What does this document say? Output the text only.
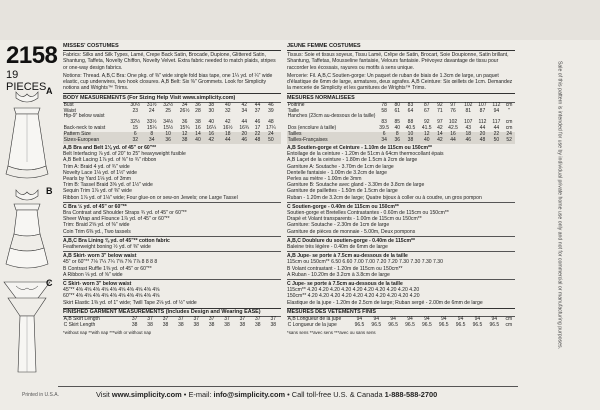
2158
19 PIECES A
B
C
MISSES' COSTUMES
Fabrics: Silks and Silk Types, Lamé, Crepe Back Satin, Brocade, Dupione, Glittered Satin, Shantung, Taffeta, Novelty Chiffon, Novelty Velvet. Extra fabric needed to match plaids, stripes or one-way design fabrics.
Notions: Thread. A,B,C Bra: One pkg. of ⅜" wide single fold bias tape, one 1¼ yd. of ¼" wide elastic, cup underwires, two hook closures. A,B Belt: Six ⅜" Grommets. Look for Simplicity notions and Wrights™ Trims.
BODY MEASUREMENTS (For Sizing Help Visit www.simplicity.com)
Bust	30½	31½	32½	34	36	38	40	42	44	46	
Waist	23	24	25	26½	28	30	32	34	37	39	
Hip-9" below waist											
	32½	33½	34½	36	38	40	42	44	46	48	
Back-neck to waist	15	15¼	15½	15¾	16	16¼	16½	16¾	17	17¼	
Pattern Size	6	8	10	12	14	16	18	20	22	24	
Sizes-European	32	34	36	38	40	42	44	46	48	50	
A,B Bra and Belt 1⅛ yd. of 45" or 60"**
Belt Interfacing ⅞ yd. of 20" to 25" heavyweight fusible
A,B Belt Lacing 1⅞ yd. of ⅝" to ¾" ribbon
Trim A: Braid 4 yd. of ¾" wide
Novelty Lace 1⅛ yd. of 1½" wide
Pearls by Yard 1⅛ yd. of 3mm
Trim B: Tassel Braid 3⅝ yd. of 1½" wide
Sequin Trim 1⅞ yd. of ⅜" wide
Ribbon 1⅞ yd. of 1⅛" wide; Four glue-on or sew-on Jewels; one Large Tassel
C Bra ½ yd. of 45" or 60"**
Bra Contrast and Shoulder Straps ¾ yd. of 45" or 60"**
Sheer Wrap and Flounce 1⅞ yd. of 45" or 60"**
Trim: Braid 2⅝ yd. of ⅜" wide
Coin Trim 6⅜ yd., Two tassels
A,B,C Bra Lining ⅜ yd. of 45"** cotton fabric
Featherweight boning ½ yd. of ⅜" wide
A,B Skirt- worn 3" below waist
45" or 60"** 7⅛ 7¼ 7¼ 7⅝ 7⅝ 7⅞ 8 8 8 8
B Contrast Ruffle 1⅜ yd. of 45" or 60"**
A Ribbon ⅛ yd. of ⅝" wide
C Skirt- worn 3" below waist
45"** 4⅝ 4⅝ 4⅝ 4⅝ 4⅝ 4⅝ 4⅝ 4⅝ 4⅝ 4⅝
60"** 4⅝ 4⅝ 4⅝ 4⅝ 4⅝ 4⅝ 4⅝ 4⅝ 4⅝ 4⅝
Skirt Elastic 1⅜ yd. of 1" wide; Twill Tape 2⅛ yd. of ½" wide
FINISHED GARMENT MEASUREMENTS (Includes Design and Wearing EASE)
A,B Skirt Length	37	37	37	37	37	37	37	37	37	37
C Skirt Length	38	38	38	38	38	38	38	38	38	38
*without nap **with nap ***with or without nap
JEUNE FEMME COSTUMES
Tissus: Soie et tissus soyeux, Tissu Lamé, Crêpe de Satin, Brocart, Soie Doupionne, Satin brillant, Shantung, Taffetas, Mousseline fantaisie, Velours fantaisie. Prévoyez davantage de tissu pour raccorder les écossais, rayures ou motifs à sens unique.
Mercerie: Fil. A,B,C Soutien-gorge: Un paquet de ruban de biais de 1.3cm de large, un paquet d'élastique de 6mm de large, armatures, deux agrafes. A,B Ceinture: Six œillets de 1cm. Demandez la mercerie de Simplicity et les garnitures de Wrights™ Trims.
MESURES NORMALISEES
Poitrine	78	80	83	87	92	97	102	107	112	cm
Taille	58	61	64	67	71	76	81	87	94	"
Hanches (23cm au-dessous de la taille)										
	83	85	88	92	97	102	107	112	117	cm
Dos (encolure à taille)	39.5	40	40.5	41.5	42	42.5	43	44	44	cm
Tailles	6	8	10	12	14	16	18	20	22	24
Tailles-Françaises	34	36	38	40	42	44	46	48	50	52
A,B Soutien-gorge et Ceinture - 1.10m de 115cm ou 150cm**
Entoilage de la ceinture - 1.20m de 51cm à 64cm thermocollant épais
A,B Laçet de la ceinture - 1.80m de 1.5cm à 2cm de large
Garniture A: Soutache - 3.70m de 1cm de large
Dentelle fantaisie - 1.00m de 3.2cm de large
Perles au mètre - 1.00m de 3mm
Garniture B: Soutache avec gland - 3.30m de 3.8cm de large
Garniture de paillettes - 1.50m de 1.5cm de large
Ruban - 1.20m de 3.2cm de large; Quatre bijoux à coller ou à coudre, un gros pompon
C Soutien-gorge - 0.40m de 115cm ou 150cm**
Soutien-gorge et Bretelles Contrastantes - 0.60m de 115cm ou 150cm**
Drapé et Volant transparents - 1.00m de 115cm ou 150cm**
Garniture: Soutache - 2.30m de 1cm de large
Garniture de pièces de monnaie - 5.00m, Deux pompons
A,B,C Doublure du soutien-gorge - 0.40m de 115cm**
Baleine très légère - 0.40m de 6mm de large
A,B Jupe- se porte à 7.5cm au-dessous de la taille
115cm ou 150cm** 6.50 6.60 7.00 7.00 7.20 7.20 7.30 7.30 7.30 7.30
B Volant contrastant - 1.20m de 115cm ou 150cm**
A Ruban - 10.20m de 3.2cm à 3.8cm de large
C Jupe- se porte à 7.5cm au-dessous de la taille
115cm** 4.20 4.20 4.20 4.20 4.20 4.20 4.20 4.20 4.20 4.20
150cm** 4.20 4.20 4.20 4.20 4.20 4.20 4.20 4.20 4.20 4.20
Élastique de la jupe - 1.20m de 2.5cm de large; Ruban sergé - 2.00m de 6mm de large
MESURES DES VETEMENTS FINIS
A,B Longueur de la jupe	94	94	94	94	94	94	94	94	94	cm
C Longueur de la jupe	96.5	96.5	96.5	96.5	96.5	96.5	96.5	96.5	96.5	cm
*sans sens **avec sens ***avec ou sans sens	Sale of this pattern is intended for use by individual private home use only and not for commercial or manufacturing purposes.
Printed in U.S.A.	Visit www.simplicity.com • E-mail: info@simplicity.com • Call toll-free U.S. & Canada 1-888-588-2700
